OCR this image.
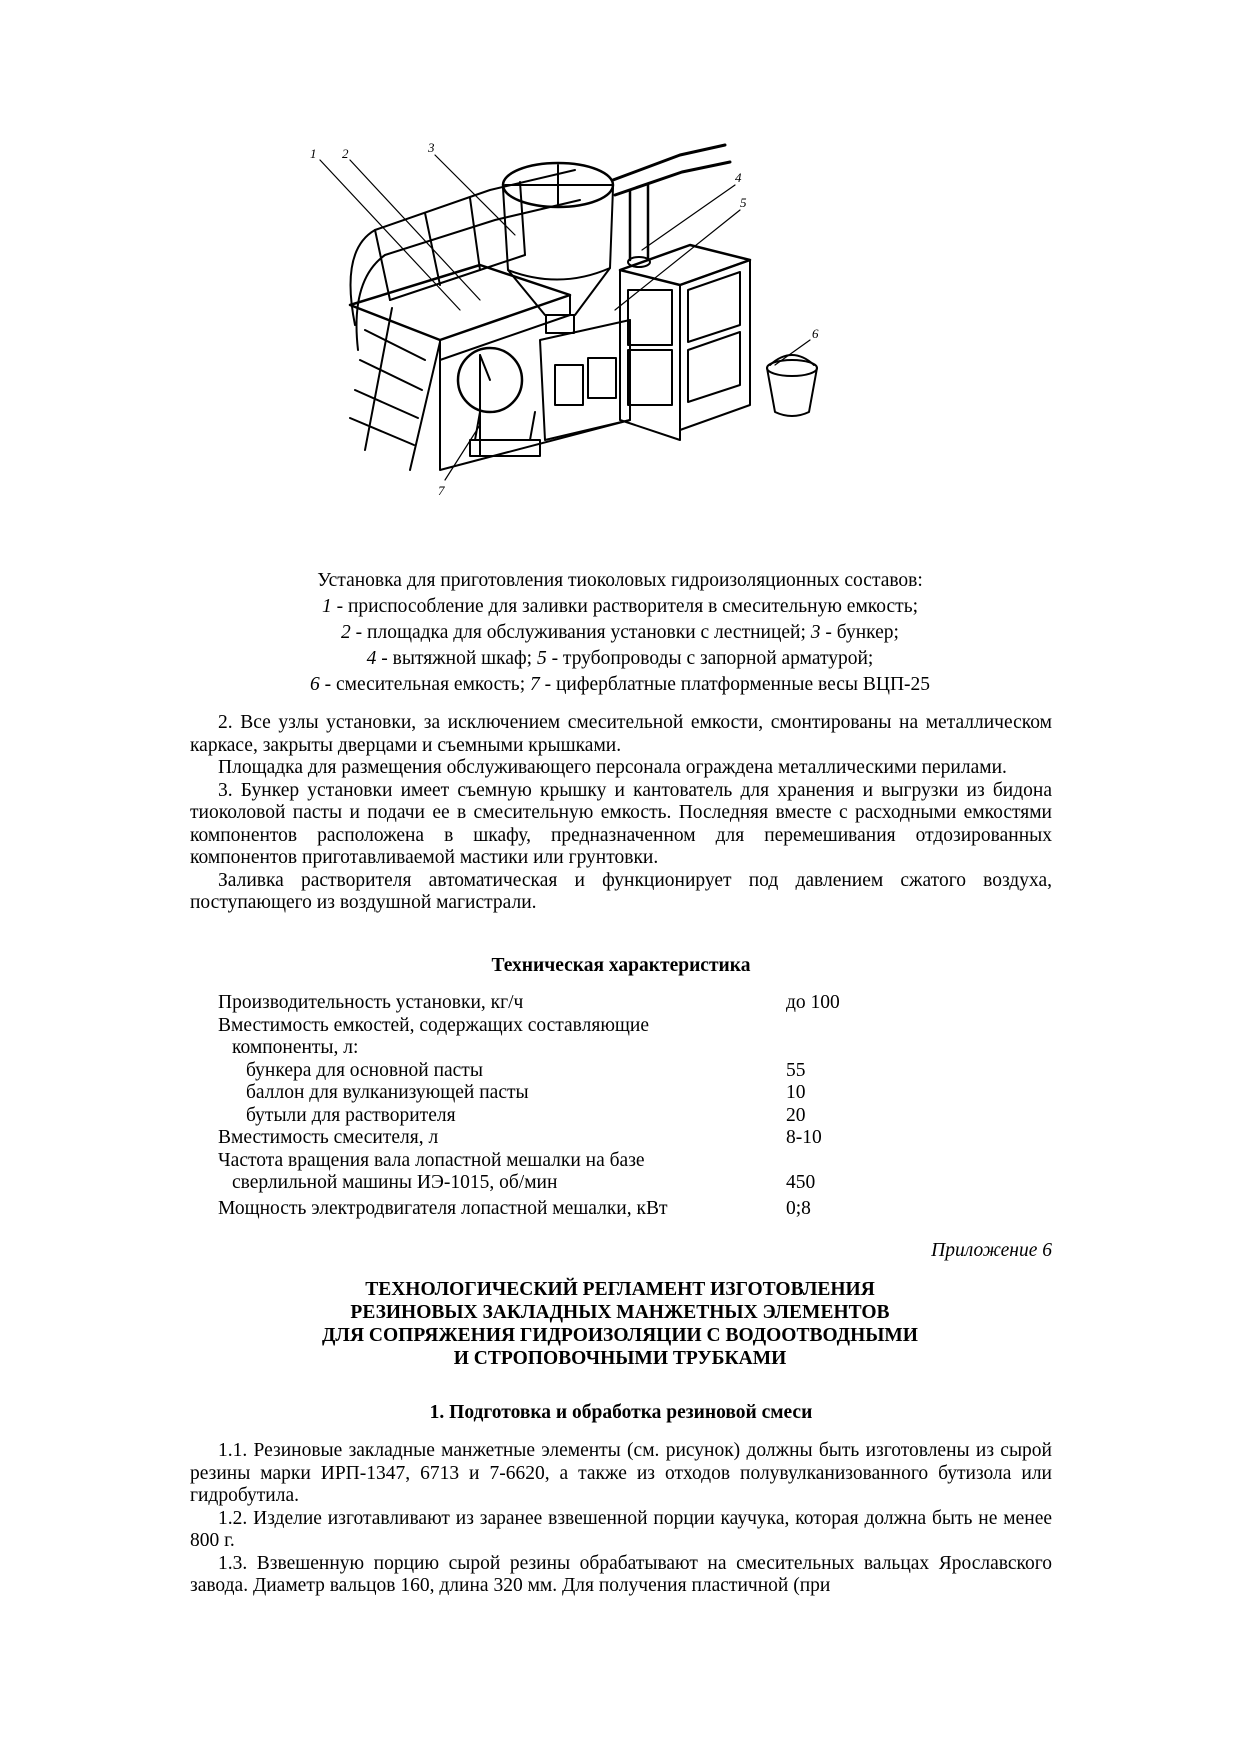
1 2	3
4
5
6
7
Установка для приготовления тиоколовых гидроизоляционных составов:
1 - приспособление для заливки растворителя в смесительную емкость;
2 - площадка для обслуживания установки с лестницей; 3 - бункер;
4 - вытяжной шкаф; 5 - трубопроводы с запорной арматурой;
6 - смесительная емкость; 7 - циферблатные платформенные весы ВЦП-25

2. Все узлы установки, за исключением смесительной емкости, смонтированы на металлическом каркасе, закрыты дверцами и съемными крышками.

Площадка для размещения обслуживающего персонала ограждена металлическими перилами.

3. Бункер установки имеет съемную крышку и кантователь для хранения и выгрузки из бидона тиоколовой пасты и подачи ее в смесительную емкость. Последняя вместе с расходными емкостями компонентов расположена в шкафу, предназначенном для перемешивания отдозированных компонентов приготавливаемой мастики или грунтовки.

Заливка растворителя автоматическая и функционирует под давлением сжатого воздуха, поступающего из воздушной магистрали.

Техническая характеристика

Производительность установки, кг/ч	до 100
Вместимость емкостей, содержащих составляющие
компоненты, л:
бункера для основной пасты	55
баллон для вулканизующей пасты	10
бутыли для растворителя	20
Вместимость смесителя, л	8-10
Частота вращения вала лопастной мешалки на базе
сверлильной машины ИЭ-1015, об/мин	450
Мощность электродвигателя лопастной мешалки, кВт	0;8
Приложение 6
ТЕХНОЛОГИЧЕСКИЙ РЕГЛАМЕНТ ИЗГОТОВЛЕНИЯ
РЕЗИНОВЫХ ЗАКЛАДНЫХ МАНЖЕТНЫХ ЭЛЕМЕНТОВ
ДЛЯ СОПРЯЖЕНИЯ ГИДРОИЗОЛЯЦИИ С ВОДООТВОДНЫМИ
И СТРОПОВОЧНЫМИ ТРУБКАМИ

1. Подготовка и обработка резиновой смеси

1.1. Резиновые закладные манжетные элементы (см. рисунок) должны быть изготовлены из сырой резины марки ИРП-1347, 6713 и 7-6620, а также из отходов полувулканизованного бутизола или гидробутила.

1.2. Изделие изготавливают из заранее взвешенной порции каучука, которая должна быть не менее 800 г.

1.3. Взвешенную порцию сырой резины обрабатывают на смесительных вальцах Ярославского завода. Диаметр вальцов 160, длина 320 мм. Для получения пластичной (при
